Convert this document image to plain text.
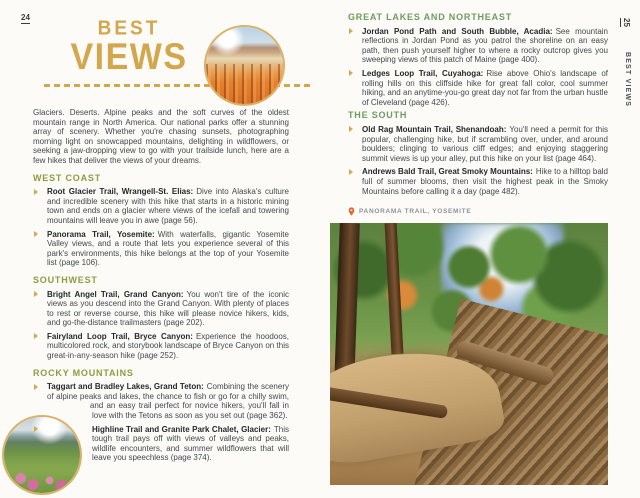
24	BEST
VIEWS

Glaciers. Deserts. Alpine peaks and the soft curves of the oldest mountain range in North America. Our national parks offer a stunning array of scenery. Whether you're chasing sunsets, photographing morning light on snowcapped mountains, delighting in wildflowers, or seeking a jaw-dropping view to go with your trailside lunch, here are a few hikes that deliver the views of your dreams.

WEST COAST
Root Glacier Trail, Wrangell-St. Elias: Dive into Alaska's culture and incredible scenery with this hike that starts in a historic mining town and ends on a glacier where views of the icefall and towering mountains will leave you in awe (page 56).
Panorama Trail, Yosemite: With waterfalls, gigantic Yosemite Valley views, and a route that lets you experience several of this park's environments, this hike belongs at the top of your Yosemite list (page 106).
SOUTHWEST
Bright Angel Trail, Grand Canyon: You won't tire of the iconic views as you descend into the Grand Canyon. With plenty of places to rest or reverse course, this hike will please novice hikers, kids, and go-the-distance trailmasters (page 202).
Fairyland Loop Trail, Bryce Canyon: Experience the hoodoos, multicolored rock, and storybook landscape of Bryce Canyon on this great-in-any-season hike (page 252).
ROCKY MOUNTAINS
Taggart and Bradley Lakes, Grand Teton: Combining the scenery of alpine peaks and lakes, the chance to fish or go for a chilly swim, and an easy trail perfect for novice hikers, you'll fall in love with the Tetons as soon as you set out (page 362).
Highline Trail and Granite Park Chalet, Glacier: This tough trail pays off with views of valleys and peaks, wildlife encounters, and summer wildflowers that will leave you speechless (page 374).
GREAT LAKES AND NORTHEAST
Jordan Pond Path and South Bubble, Acadia: See mountain reflections in Jordan Pond as you patrol the shoreline on an easy path, then push yourself higher to where a rocky outcrop gives you sweeping views of this patch of Maine (page 400).
Ledges Loop Trail, Cuyahoga: Rise above Ohio's landscape of rolling hills on this cliffside hike for great fall color, cool summer hiking, and an anytime-you-go great day not far from the urban hustle of Cleveland (page 426).
THE SOUTH
Old Rag Mountain Trail, Shenandoah: You'll need a permit for this popular, challenging hike, but if scrambling over, under, and around boulders; clinging to various cliff edges; and enjoying staggering summit views is up your alley, put this hike on your list (page 464).
Andrews Bald Trail, Great Smoky Mountains: Hike to a hilltop bald full of summer blooms, then visit the highest peak in the Smoky Mountains before calling it a day (page 482).
PANORAMA TRAIL, YOSEMITE
25
BEST VIEWS
